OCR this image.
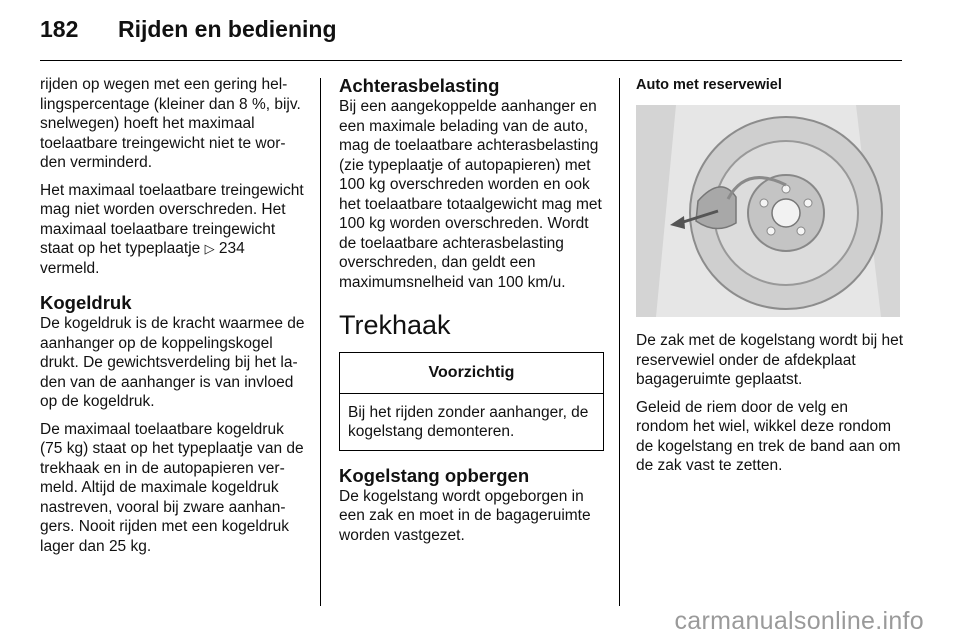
182 Rijden en bediening

rijden op wegen met een gering hellingspercentage (kleiner dan 8 %, bijv. snelwegen) hoeft het maximaal toelaatbare treingewicht niet te worden verminderd.

Het maximaal toelaatbare treingewicht mag niet worden overschreden. Het maximaal toelaatbare treingewicht staat op het typeplaatje ▷ 234 vermeld.

Kogeldruk

De kogeldruk is de kracht waarmee de aanhanger op de koppelingskogel drukt. De gewichtsverdeling bij het laden van de aanhanger is van invloed op de kogeldruk.

De maximaal toelaatbare kogeldruk (75 kg) staat op het typeplaatje van de trekhaak en in de autopapieren vermeld. Altijd de maximale kogeldruk nastreven, vooral bij zware aanhangers. Nooit rijden met een kogeldruk lager dan 25 kg.

Achterasbelasting

Bij een aangekoppelde aanhanger en een maximale belading van de auto, mag de toelaatbare achterasbelasting (zie typeplaatje of autopapieren) met 100 kg overschreden worden en ook het toelaatbare totaalgewicht mag met 100 kg worden overschreden. Wordt de toelaatbare achterasbelasting overschreden, dan geldt een maximumsnelheid van 100 km/u.

Trekhaak
Voorzichtig
Bij het rijden zonder aanhanger, de kogelstang demonteren.
Kogelstang opbergen

De kogelstang wordt opgeborgen in een zak en moet in de bagageruimte worden vastgezet.

Auto met reservewiel

De zak met de kogelstang wordt bij het reservewiel onder de afdekplaat bagageruimte geplaatst.

Geleid de riem door de velg en rondom het wiel, wikkel deze rondom de kogelstang en trek de band aan om de zak vast te zetten.

carmanualsonline.info
